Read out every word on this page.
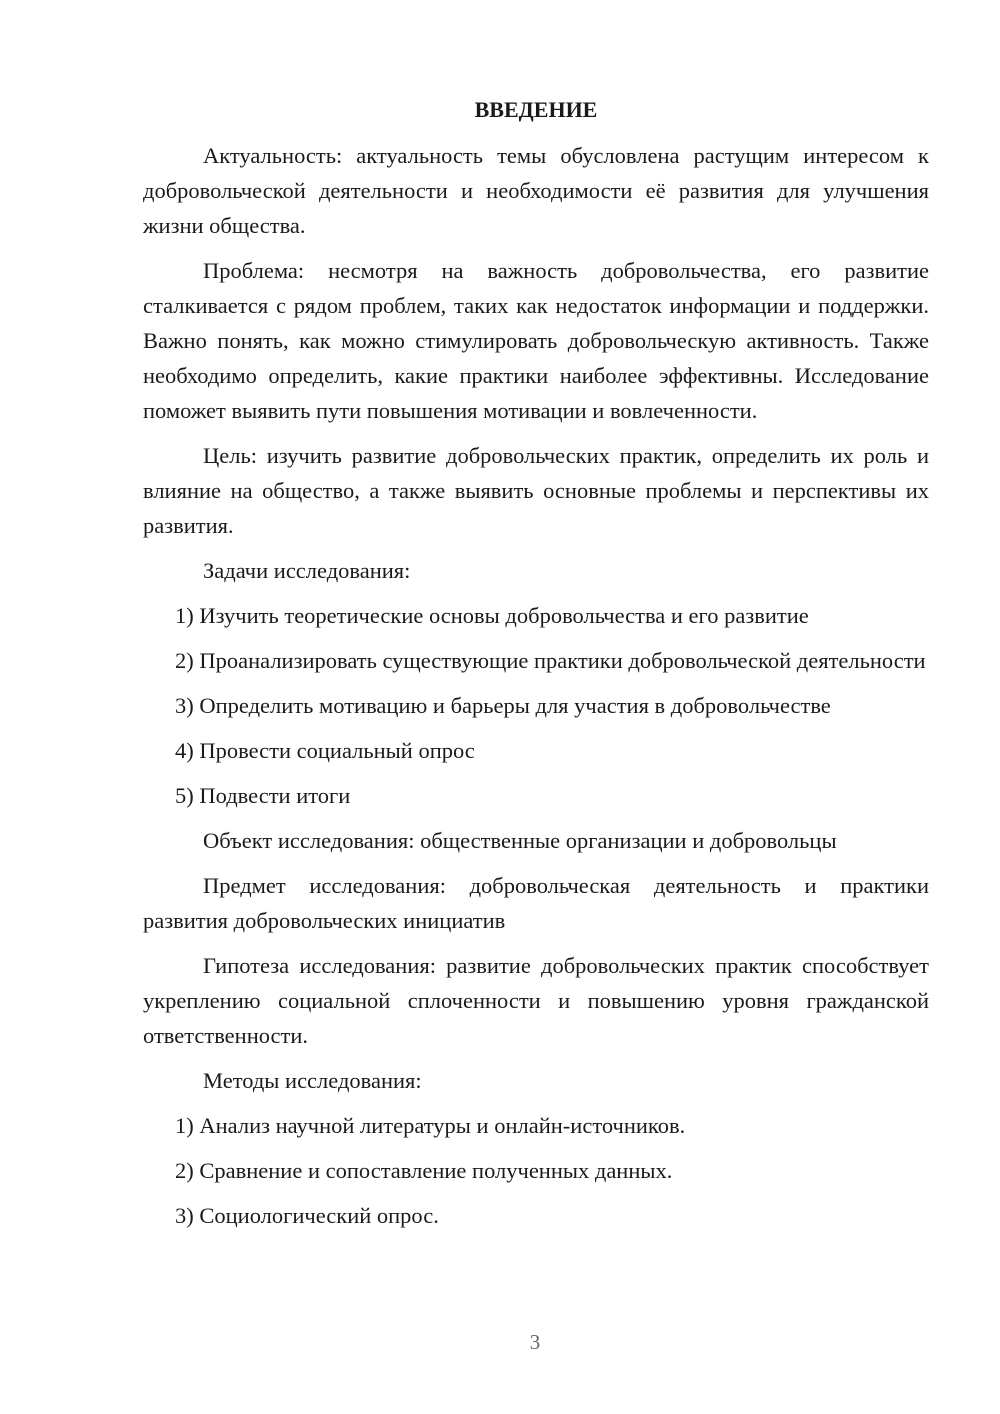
ВВЕДЕНИЕ

Актуальность: актуальность темы обусловлена растущим интересом к добровольческой деятельности и необходимости её развития для улучшения жизни общества.

Проблема: несмотря на важность добровольчества, его развитие сталкивается с рядом проблем, таких как недостаток информации и поддержки. Важно понять, как можно стимулировать добровольческую активность. Также необходимо определить, какие практики наиболее эффективны. Исследование поможет выявить пути повышения мотивации и вовлеченности.

Цель: изучить развитие добровольческих практик, определить их роль и влияние на общество, а также выявить основные проблемы и перспективы их развития.

Задачи исследования:

1) Изучить теоретические основы добровольчества и его развитие

2) Проанализировать существующие практики добровольческой деятельности

3) Определить мотивацию и барьеры для участия в добровольчестве

4) Провести социальный опрос

5) Подвести итоги

Объект исследования: общественные организации и добровольцы

Предмет исследования: добровольческая деятельность и практики развития добровольческих инициатив

Гипотеза исследования: развитие добровольческих практик способствует укреплению социальной сплоченности и повышению уровня гражданской ответственности.

Методы исследования:

1) Анализ научной литературы и онлайн-источников.

2) Сравнение и сопоставление полученных данных.

3) Социологический опрос.

3
